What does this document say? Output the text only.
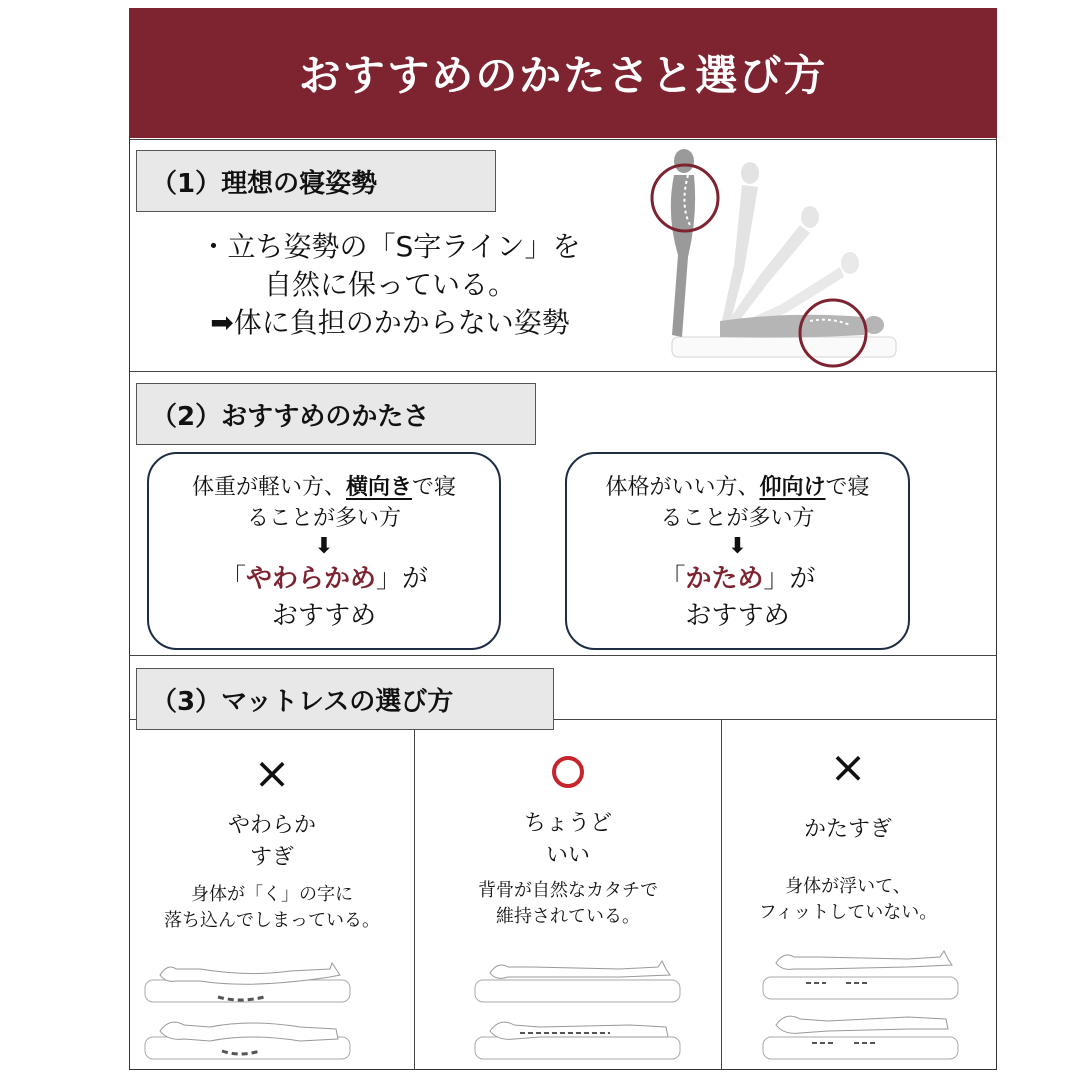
おすすめのかたさと選び方
（1）理想の寝姿勢
・立ち姿勢の「S字ライン」を
自然に保っている。
➡体に負担のかからない姿勢
（2）おすすめのかたさ
体重が軽い方、横向きで寝
ることが多い方
⬇
「やわらかめ」が
おすすめ
体格がいい方、仰向けで寝
ることが多い方
⬇
「かため」が
おすすめ
（3）マットレスの選び方
×
やわらか
すぎ
身体が「く」の字に
落ち込んでしまっている。
ちょうど
いい
背骨が自然なカタチで
維持されている。
×
かたすぎ
身体が浮いて、
フィットしていない。
